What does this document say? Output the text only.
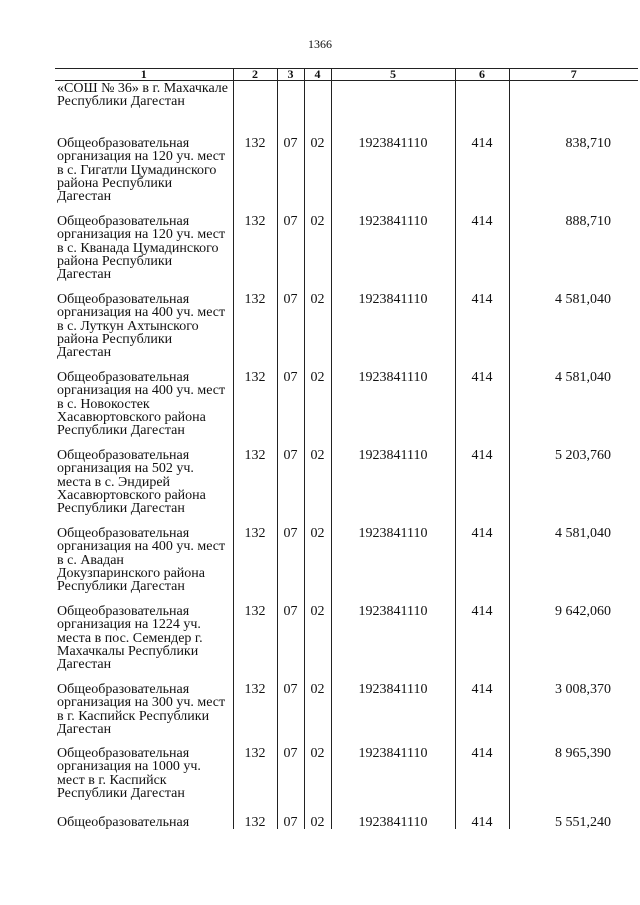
1366
1	2	3	4	5	6	7
«СОШ № 36» в г. Махачкале Республики Дагестан						
Общеобразовательная организация на 120 уч. мест в с. Гигатли Цумадинского района Республики Дагестан	132	07	02	1923841110	414	838,710
Общеобразовательная организация на 120 уч. мест в с. Кванада Цумадинского района Республики Дагестан	132	07	02	1923841110	414	888,710
Общеобразовательная организация на 400 уч. мест в с. Луткун Ахтынского района Республики Дагестан	132	07	02	1923841110	414	4 581,040
Общеобразовательная организация на 400 уч. мест в с. Новокостек Хасавюртовского района Республики Дагестан	132	07	02	1923841110	414	4 581,040
Общеобразовательная организация на 502 уч. места в с. Эндирей Хасавюртовского района Республики Дагестан	132	07	02	1923841110	414	5 203,760
Общеобразовательная организация на 400 уч. мест в с. Авадан Докузпаринского района Республики Дагестан	132	07	02	1923841110	414	4 581,040
Общеобразовательная организация на 1224 уч. места в пос. Семендер г. Махачкалы Республики Дагестан	132	07	02	1923841110	414	9 642,060
Общеобразовательная организация на 300 уч. мест в г. Каспийск Республики Дагестан	132	07	02	1923841110	414	3 008,370
Общеобразовательная организация на 1000 уч. мест в г. Каспийск Республики Дагестан	132	07	02	1923841110	414	8 965,390
Общеобразовательная	132	07	02	1923841110	414	5 551,240
